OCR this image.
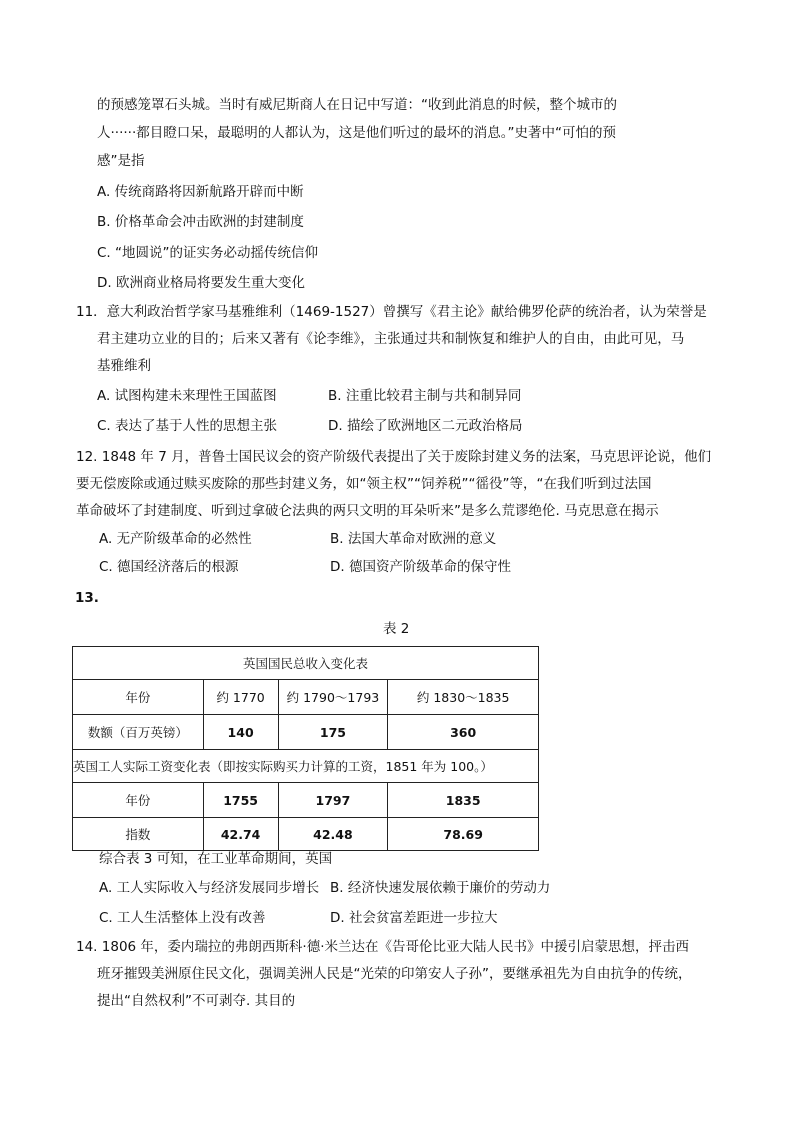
的预感笼罩石头城。当时有威尼斯商人在日记中写道：“收到此消息的时候，整个城市的
人······都目瞪口呆，最聪明的人都认为，这是他们听过的最坏的消息。”史著中“可怕的预
感”是指
A. 传统商路将因新航路开辟而中断
B. 价格革命会冲击欧洲的封建制度
C. “地圆说”的证实务必动摇传统信仰
D. 欧洲商业格局将要发生重大变化
11．意大利政治哲学家马基雅维利（1469-1527）曾撰写《君主论》献给佛罗伦萨的统治者，认为荣誉是
君主建功立业的目的；后来又著有《论李维》，主张通过共和制恢复和维护人的自由，由此可见，马
基雅维利
A. 试图构建未来理性王国蓝图	B. 注重比较君主制与共和制异同
C. 表达了基于人性的思想主张	D. 描绘了欧洲地区二元政治格局
12. 1848 年 7 月，普鲁士国民议会的资产阶级代表提出了关于废除封建义务的法案，马克思评论说，他们
要无偿废除或通过赎买废除的那些封建义务，如“领主权”“饲养税”“徭役”等，“在我们听到过法国
革命破坏了封建制度、听到过拿破仑法典的两只文明的耳朵听来”是多么荒谬绝伦. 马克思意在揭示
A. 无产阶级革命的必然性	B. 法国大革命对欧洲的意义
C. 德国经济落后的根源	D. 德国资产阶级革命的保守性
13.
表 2
英国国民总收入变化表			
年份	约 1770	约 1790～1793	约 1830～1835
数额（百万英镑）	140	175	360
英国工人实际工资变化表（即按实际购买力计算的工资，1851 年为 100。）			
年份	1755	1797	1835
指数	42.74	42.48	78.69
综合表 3 可知，在工业革命期间，英国
A. 工人实际收入与经济发展同步增长 B. 经济快速发展依赖于廉价的劳动力
C. 工人生活整体上没有改善	D. 社会贫富差距进一步拉大
14. 1806 年，委内瑞拉的弗朗西斯科·德·米兰达在《告哥伦比亚大陆人民书》中援引启蒙思想，抨击西
班牙摧毁美洲原住民文化，强调美洲人民是“光荣的印第安人子孙”，要继承祖先为自由抗争的传统，
提出“自然权利”不可剥夺. 其目的
